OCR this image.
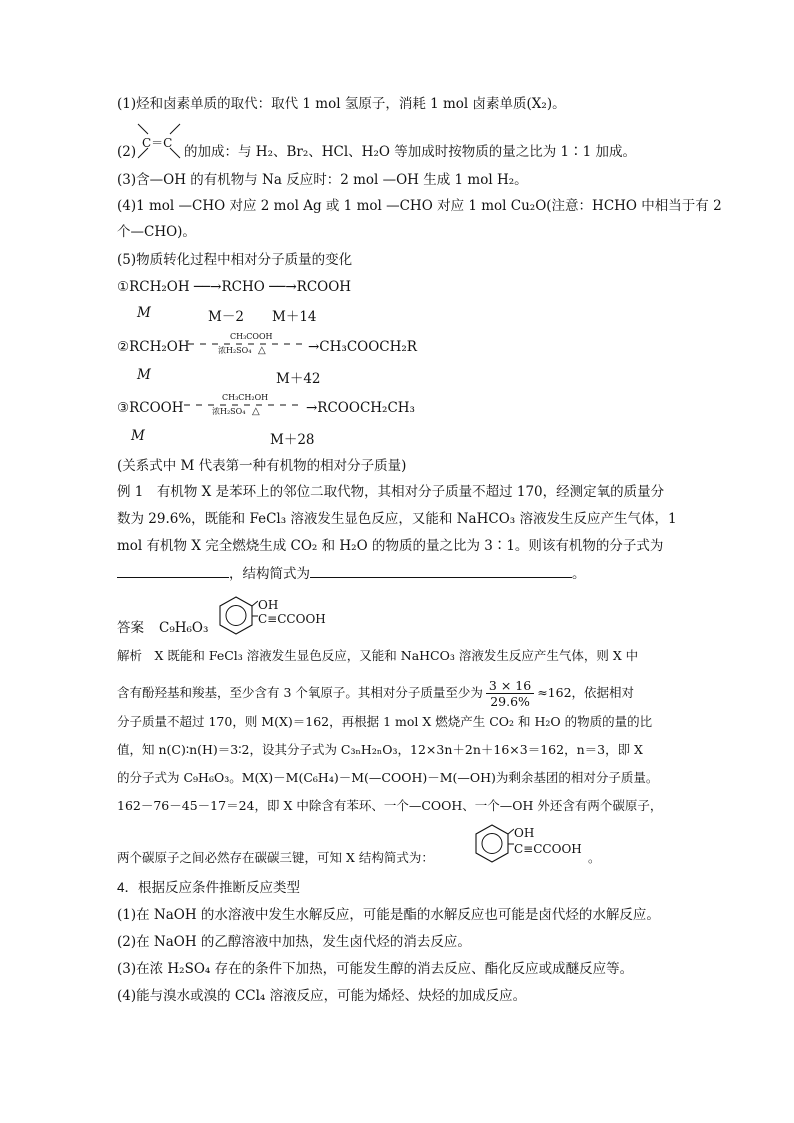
(1)烃和卤素单质的取代：取代 1 mol 氢原子，消耗 1 mol 卤素单质(X₂)。
(2)
C＝C
的加成：与 H₂、Br₂、HCl、H₂O 等加成时按物质的量之比为 1∶1 加成。
(3)含—OH 的有机物与 Na 反应时：2 mol —OH 生成 1 mol H₂。
(4)1 mol —CHO 对应 2 mol Ag 或 1 mol —CHO 对应 1 mol Cu₂O(注意：HCHO 中相当于有 2
个—CHO)。
(5)物质转化过程中相对分子质量的变化
①RCH₂OH ──→RCHO ──→RCOOH
M	M－2 M＋14
②RCH₂OH
CH₃COOH
浓H₂SO₄ △	→CH₃COOCH₂R
M	M＋42
③RCOOH
CH₃CH₂OH
浓H₂SO₄ △	→RCOOCH₂CH₃
M	M＋28
(关系式中 M 代表第一种有机物的相对分子质量)
例 1　有机物 X 是苯环上的邻位二取代物，其相对分子质量不超过 170，经测定氧的质量分
数为 29.6%，既能和 FeCl₃ 溶液发生显色反应，又能和 NaHCO₃ 溶液发生反应产生气体，1
mol 有机物 X 完全燃烧生成 CO₂ 和 H₂O 的物质的量之比为 3∶1。则该有机物的分子式为
，结构简式为	。
答案 C₉H₆O₃
OH
C≡CCOOH
解析　X 既能和 FeCl₃ 溶液发生显色反应，又能和 NaHCO₃ 溶液发生反应产生气体，则 X 中
含有酚羟基和羧基，至少含有 3 个氧原子。其相对分子质量至少为 $\frac{3 \times 16}{29.6\%} \approx 162$，依据相对
分子质量不超过 170，则 M(X)＝162，再根据 1 mol X 燃烧产生 CO₂ 和 H₂O 的物质的量的比
值，知 n(C)∶n(H)＝3∶2，设其分子式为 C₃ₙH₂ₙO₃，12×3n＋2n＋16×3＝162，n＝3，即 X
的分子式为 C₉H₆O₃。M(X)－M(C₆H₄)－M(—COOH)－M(—OH)为剩余基团的相对分子质量。
162－76－45－17＝24，即 X 中除含有苯环、一个—COOH、一个—OH 外还含有两个碳原子，
两个碳原子之间必然存在碳碳三键，可知 X 结构简式为：
OH
C≡CCOOH
。
4．根据反应条件推断反应类型
(1)在 NaOH 的水溶液中发生水解反应，可能是酯的水解反应也可能是卤代烃的水解反应。
(2)在 NaOH 的乙醇溶液中加热，发生卤代烃的消去反应。
(3)在浓 H₂SO₄ 存在的条件下加热，可能发生醇的消去反应、酯化反应或成醚反应等。
(4)能与溴水或溴的 CCl₄ 溶液反应，可能为烯烃、炔烃的加成反应。
